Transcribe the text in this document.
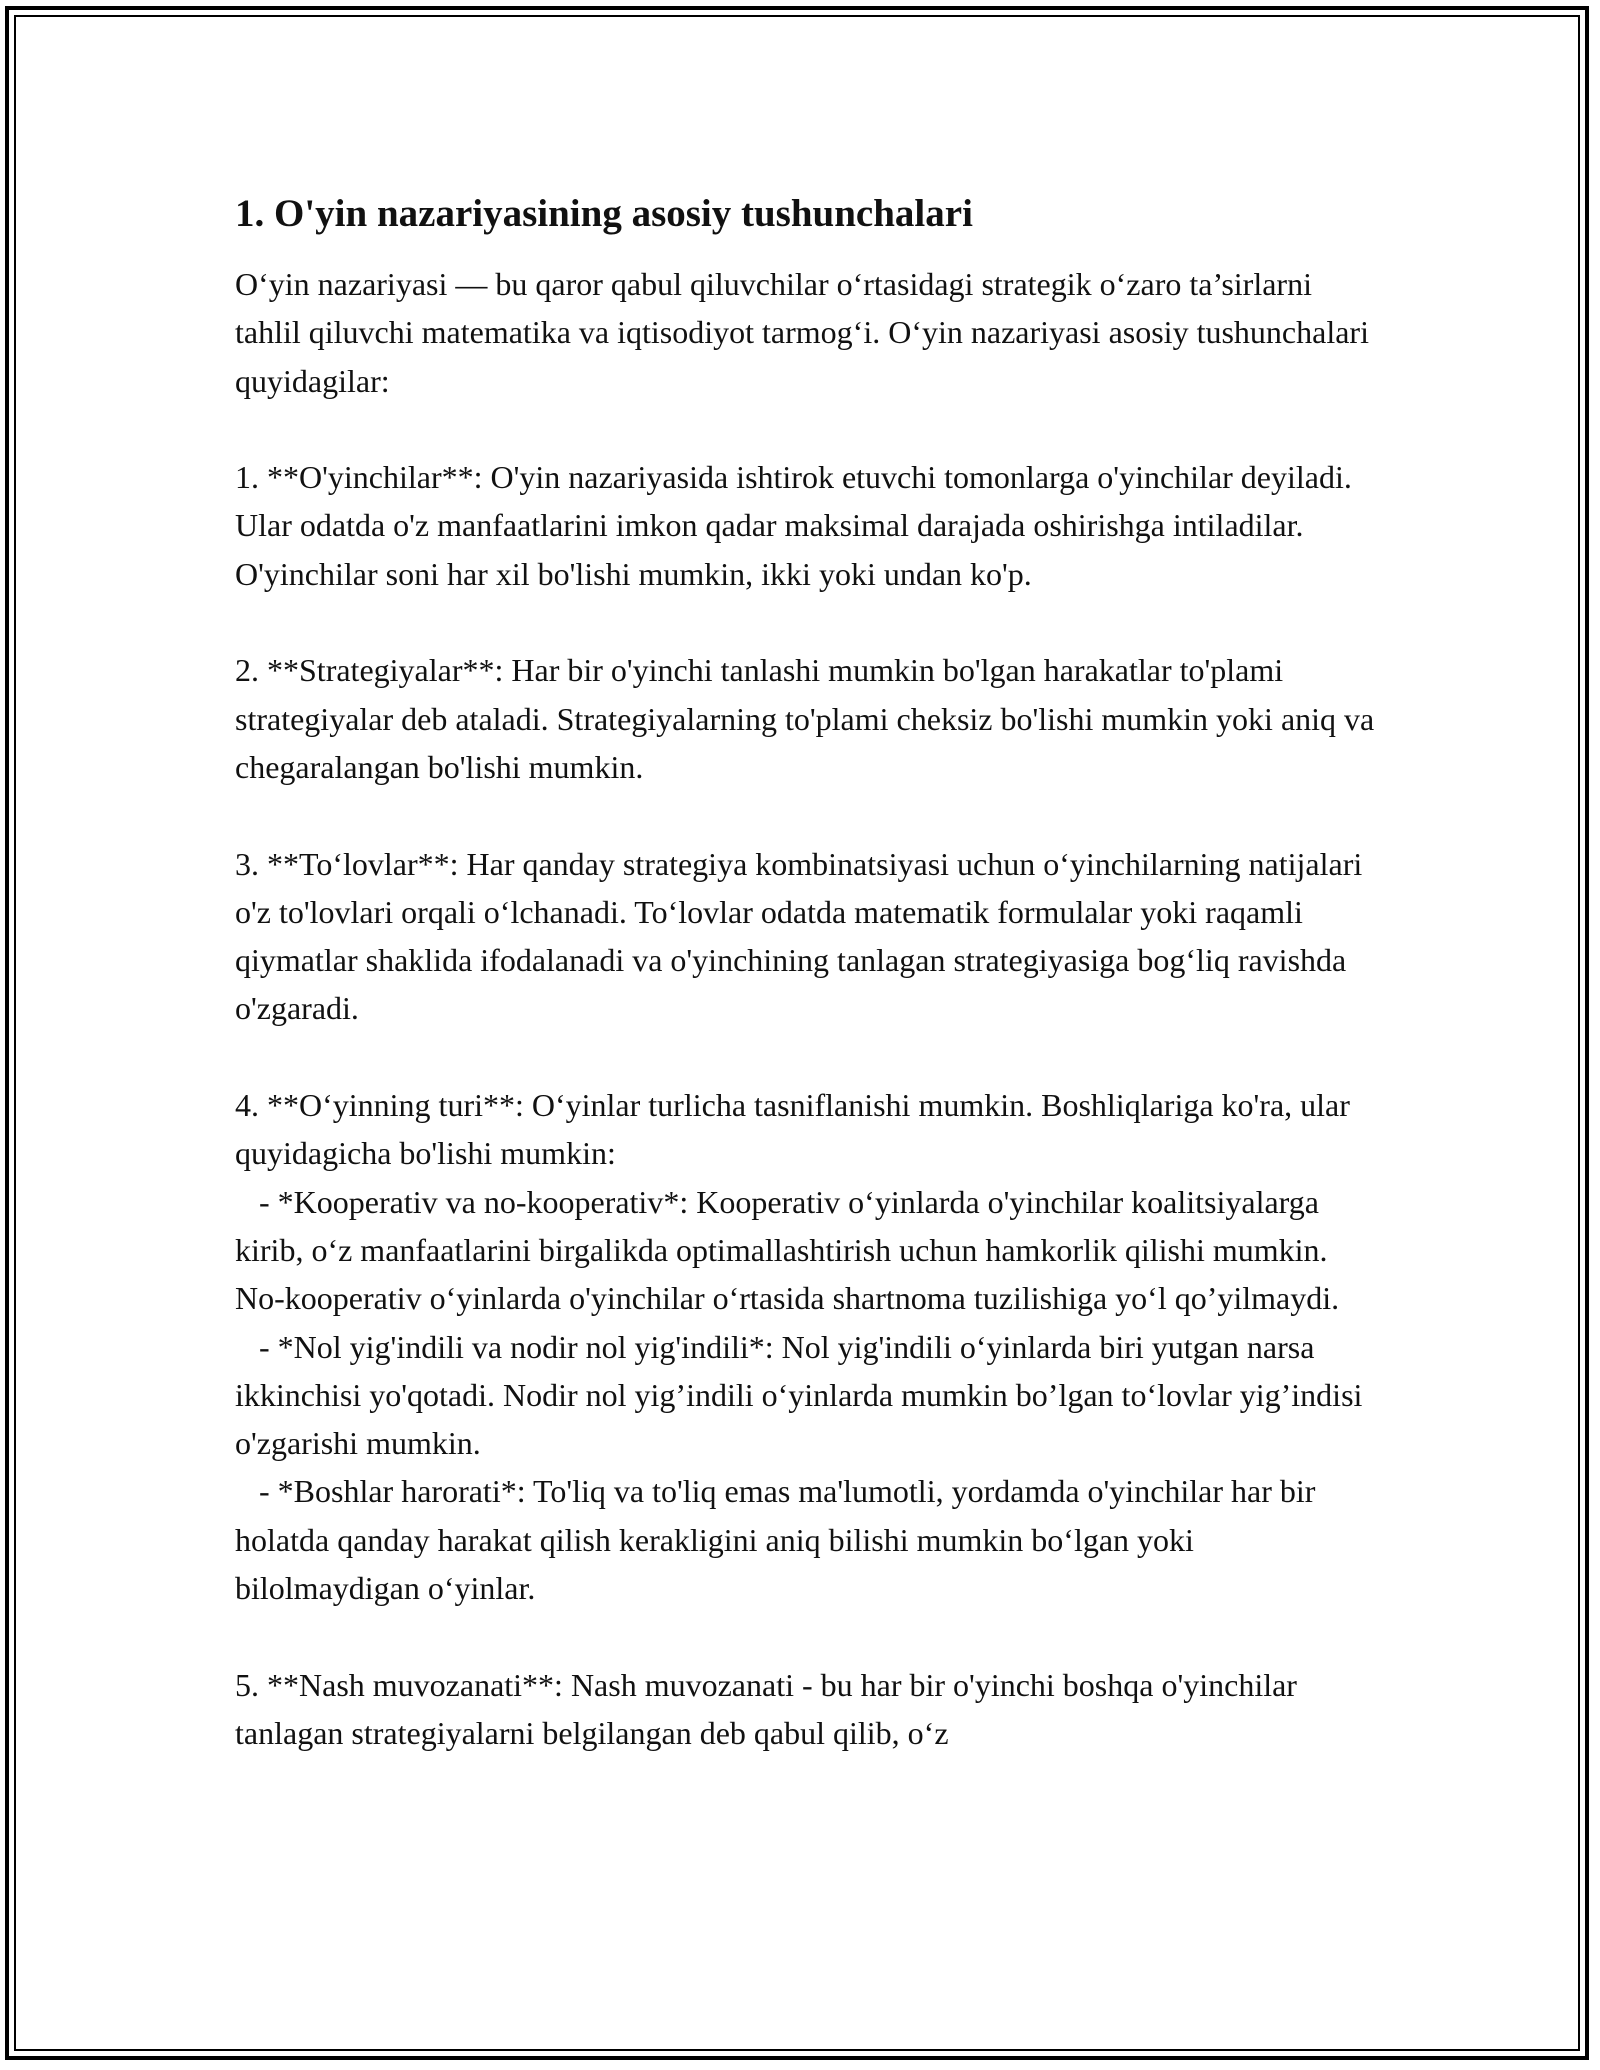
1. O'yin nazariyasining asosiy tushunchalari

O‘yin nazariyasi — bu qaror qabul qiluvchilar o‘rtasidagi strategik o‘zaro ta’sirlarni tahlil qiluvchi matematika va iqtisodiyot tarmog‘i. O‘yin nazariyasi asosiy tushunchalari quyidagilar:

1. **O'yinchilar**: O'yin nazariyasida ishtirok etuvchi tomonlarga o'yinchilar deyiladi. Ular odatda o'z manfaatlarini imkon qadar maksimal darajada oshirishga intiladilar. O'yinchilar soni har xil bo'lishi mumkin, ikki yoki undan ko'p.

2. **Strategiyalar**: Har bir o'yinchi tanlashi mumkin bo'lgan harakatlar to'plami strategiyalar deb ataladi. Strategiyalarning to'plami cheksiz bo'lishi mumkin yoki aniq va chegaralangan bo'lishi mumkin.

3. **To‘lovlar**: Har qanday strategiya kombinatsiyasi uchun o‘yinchilarning natijalari o'z to'lovlari orqali o‘lchanadi. To‘lovlar odatda matematik formulalar yoki raqamli qiymatlar shaklida ifodalanadi va o'yinchining tanlagan strategiyasiga bog‘liq ravishda o'zgaradi.

4. **O‘yinning turi**: O‘yinlar turlicha tasniflanishi mumkin. Boshliqlariga ko'ra, ular quyidagicha bo'lishi mumkin:

- *Kooperativ va no-kooperativ*: Kooperativ o‘yinlarda o'yinchilar koalitsiyalarga kirib, o‘z manfaatlarini birgalikda optimallashtirish uchun hamkorlik qilishi mumkin. No-kooperativ o‘yinlarda o'yinchilar o‘rtasida shartnoma tuzilishiga yo‘l qo’yilmaydi.

- *Nol yig'indili va nodir nol yig'indili*: Nol yig'indili o‘yinlarda biri yutgan narsa ikkinchisi yo'qotadi. Nodir nol yig’indili o‘yinlarda mumkin bo’lgan to‘lovlar yig’indisi o'zgarishi mumkin.

- *Boshlar harorati*: To'liq va to'liq emas ma'lumotli, yordamda o'yinchilar har bir holatda qanday harakat qilish kerakligini aniq bilishi mumkin bo‘lgan yoki bilolmaydigan o‘yinlar.

5. **Nash muvozanati**: Nash muvozanati - bu har bir o'yinchi boshqa o'yinchilar tanlagan strategiyalarni belgilangan deb qabul qilib, o‘z
